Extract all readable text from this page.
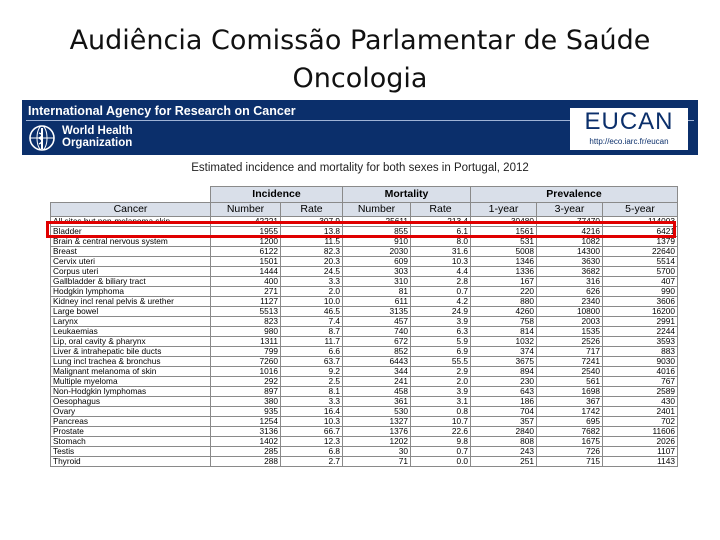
Audiência Comissão Parlamentar de Saúde
Oncologia
International Agency for Research on Cancer
World Health
Organization
EUCAN
http://eco.iarc.fr/eucan
Estimated incidence and mortality for both sexes in Portugal, 2012
	Incidence		Mortality		Prevalence		
Cancer	Number	Rate	Number	Rate	1-year	3-year	5-year
All sites but non-melanoma skin	42221	307.9	25611	213.4	30480	77470	114003
Bladder	1955	13.8	855	6.1	1561	4216	6421
Brain & central nervous system	1200	11.5	910	8.0	531	1082	1379
Breast	6122	82.3	2030	31.6	5008	14300	22640
Cervix uteri	1501	20.3	609	10.3	1346	3630	5514
Corpus uteri	1444	24.5	303	4.4	1336	3682	5700
Gallbladder & biliary tract	400	3.3	310	2.8	167	316	407
Hodgkin lymphoma	271	2.0	81	0.7	220	626	990
Kidney incl renal pelvis & urether	1127	10.0	611	4.2	880	2340	3606
Large bowel	5513	46.5	3135	24.9	4260	10800	16200
Larynx	823	7.4	457	3.9	758	2003	2991
Leukaemias	980	8.7	740	6.3	814	1535	2244
Lip, oral cavity & pharynx	1311	11.7	672	5.9	1032	2526	3593
Liver & intrahepatic bile ducts	799	6.6	852	6.9	374	717	883
Lung incl trachea & bronchus	7260	63.7	6443	55.5	3675	7241	9030
Malignant melanoma of skin	1016	9.2	344	2.9	894	2540	4016
Multiple myeloma	292	2.5	241	2.0	230	561	767
Non-Hodgkin lymphomas	897	8.1	458	3.9	643	1698	2589
Oesophagus	380	3.3	361	3.1	186	367	430
Ovary	935	16.4	530	0.8	704	1742	2401
Pancreas	1254	10.3	1327	10.7	357	695	702
Prostate	3136	66.7	1376	22.6	2840	7682	11606
Stomach	1402	12.3	1202	9.8	808	1675	2026
Testis	285	6.8	30	0.7	243	726	1107
Thyroid	288	2.7	71	0.0	251	715	1143
